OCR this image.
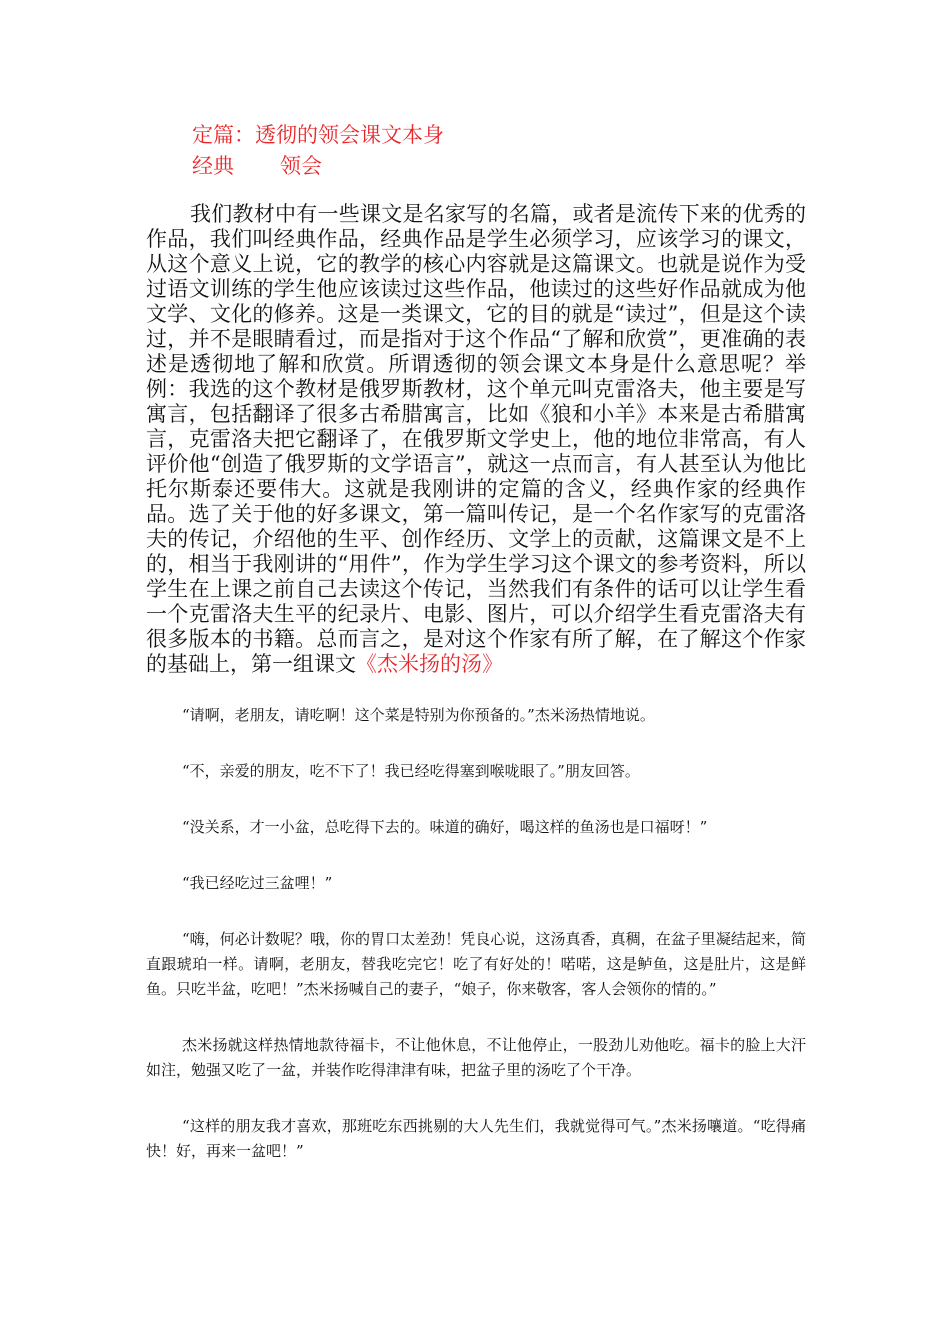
定篇：透彻的领会课文本身
经典 领会

我们教材中有一些课文是名家写的名篇，或者是流传下来的优秀的作品，我们叫经典作品，经典作品是学生必须学习，应该学习的课文，从这个意义上说，它的教学的核心内容就是这篇课文。也就是说作为受过语文训练的学生他应该读过这些作品，他读过的这些好作品就成为他文学、文化的修养。这是一类课文，它的目的就是“读过”，但是这个读过，并不是眼睛看过，而是指对于这个作品“了解和欣赏”，更准确的表述是透彻地了解和欣赏。所谓透彻的领会课文本身是什么意思呢？举例：我选的这个教材是俄罗斯教材，这个单元叫克雷洛夫，他主要是写寓言，包括翻译了很多古希腊寓言，比如《狼和小羊》本来是古希腊寓言，克雷洛夫把它翻译了，在俄罗斯文学史上，他的地位非常高，有人评价他“创造了俄罗斯的文学语言”，就这一点而言，有人甚至认为他比托尔斯泰还要伟大。这就是我刚讲的定篇的含义，经典作家的经典作品。选了关于他的好多课文，第一篇叫传记，是一个名作家写的克雷洛夫的传记，介绍他的生平、创作经历、文学上的贡献，这篇课文是不上的，相当于我刚讲的“用件”，作为学生学习这个课文的参考资料，所以学生在上课之前自己去读这个传记，当然我们有条件的话可以让学生看一个克雷洛夫生平的纪录片、电影、图片，可以介绍学生看克雷洛夫有很多版本的书籍。总而言之，是对这个作家有所了解，在了解这个作家的基础上，第一组课文《杰米扬的汤》

“请啊，老朋友，请吃啊！这个菜是特别为你预备的。”杰米汤热情地说。

“不，亲爱的朋友，吃不下了！我已经吃得塞到喉咙眼了。”朋友回答。

“没关系，才一小盆，总吃得下去的。味道的确好，喝这样的鱼汤也是口福呀！”

“我已经吃过三盆哩！”

“嗨，何必计数呢？哦，你的胃口太差劲！凭良心说，这汤真香，真稠，在盆子里凝结起来，简直跟琥珀一样。请啊，老朋友，替我吃完它！吃了有好处的！喏喏，这是鲈鱼，这是肚片，这是鲜鱼。只吃半盆，吃吧！”杰米扬喊自己的妻子，“娘子，你来敬客，客人会领你的情的。”

杰米扬就这样热情地款待福卡，不让他休息，不让他停止，一股劲儿劝他吃。福卡的脸上大汗如注，勉强又吃了一盆，并装作吃得津津有味，把盆子里的汤吃了个干净。

“这样的朋友我才喜欢，那班吃东西挑剔的大人先生们，我就觉得可气。”杰米扬嚷道。“吃得痛快！好，再来一盆吧！”
